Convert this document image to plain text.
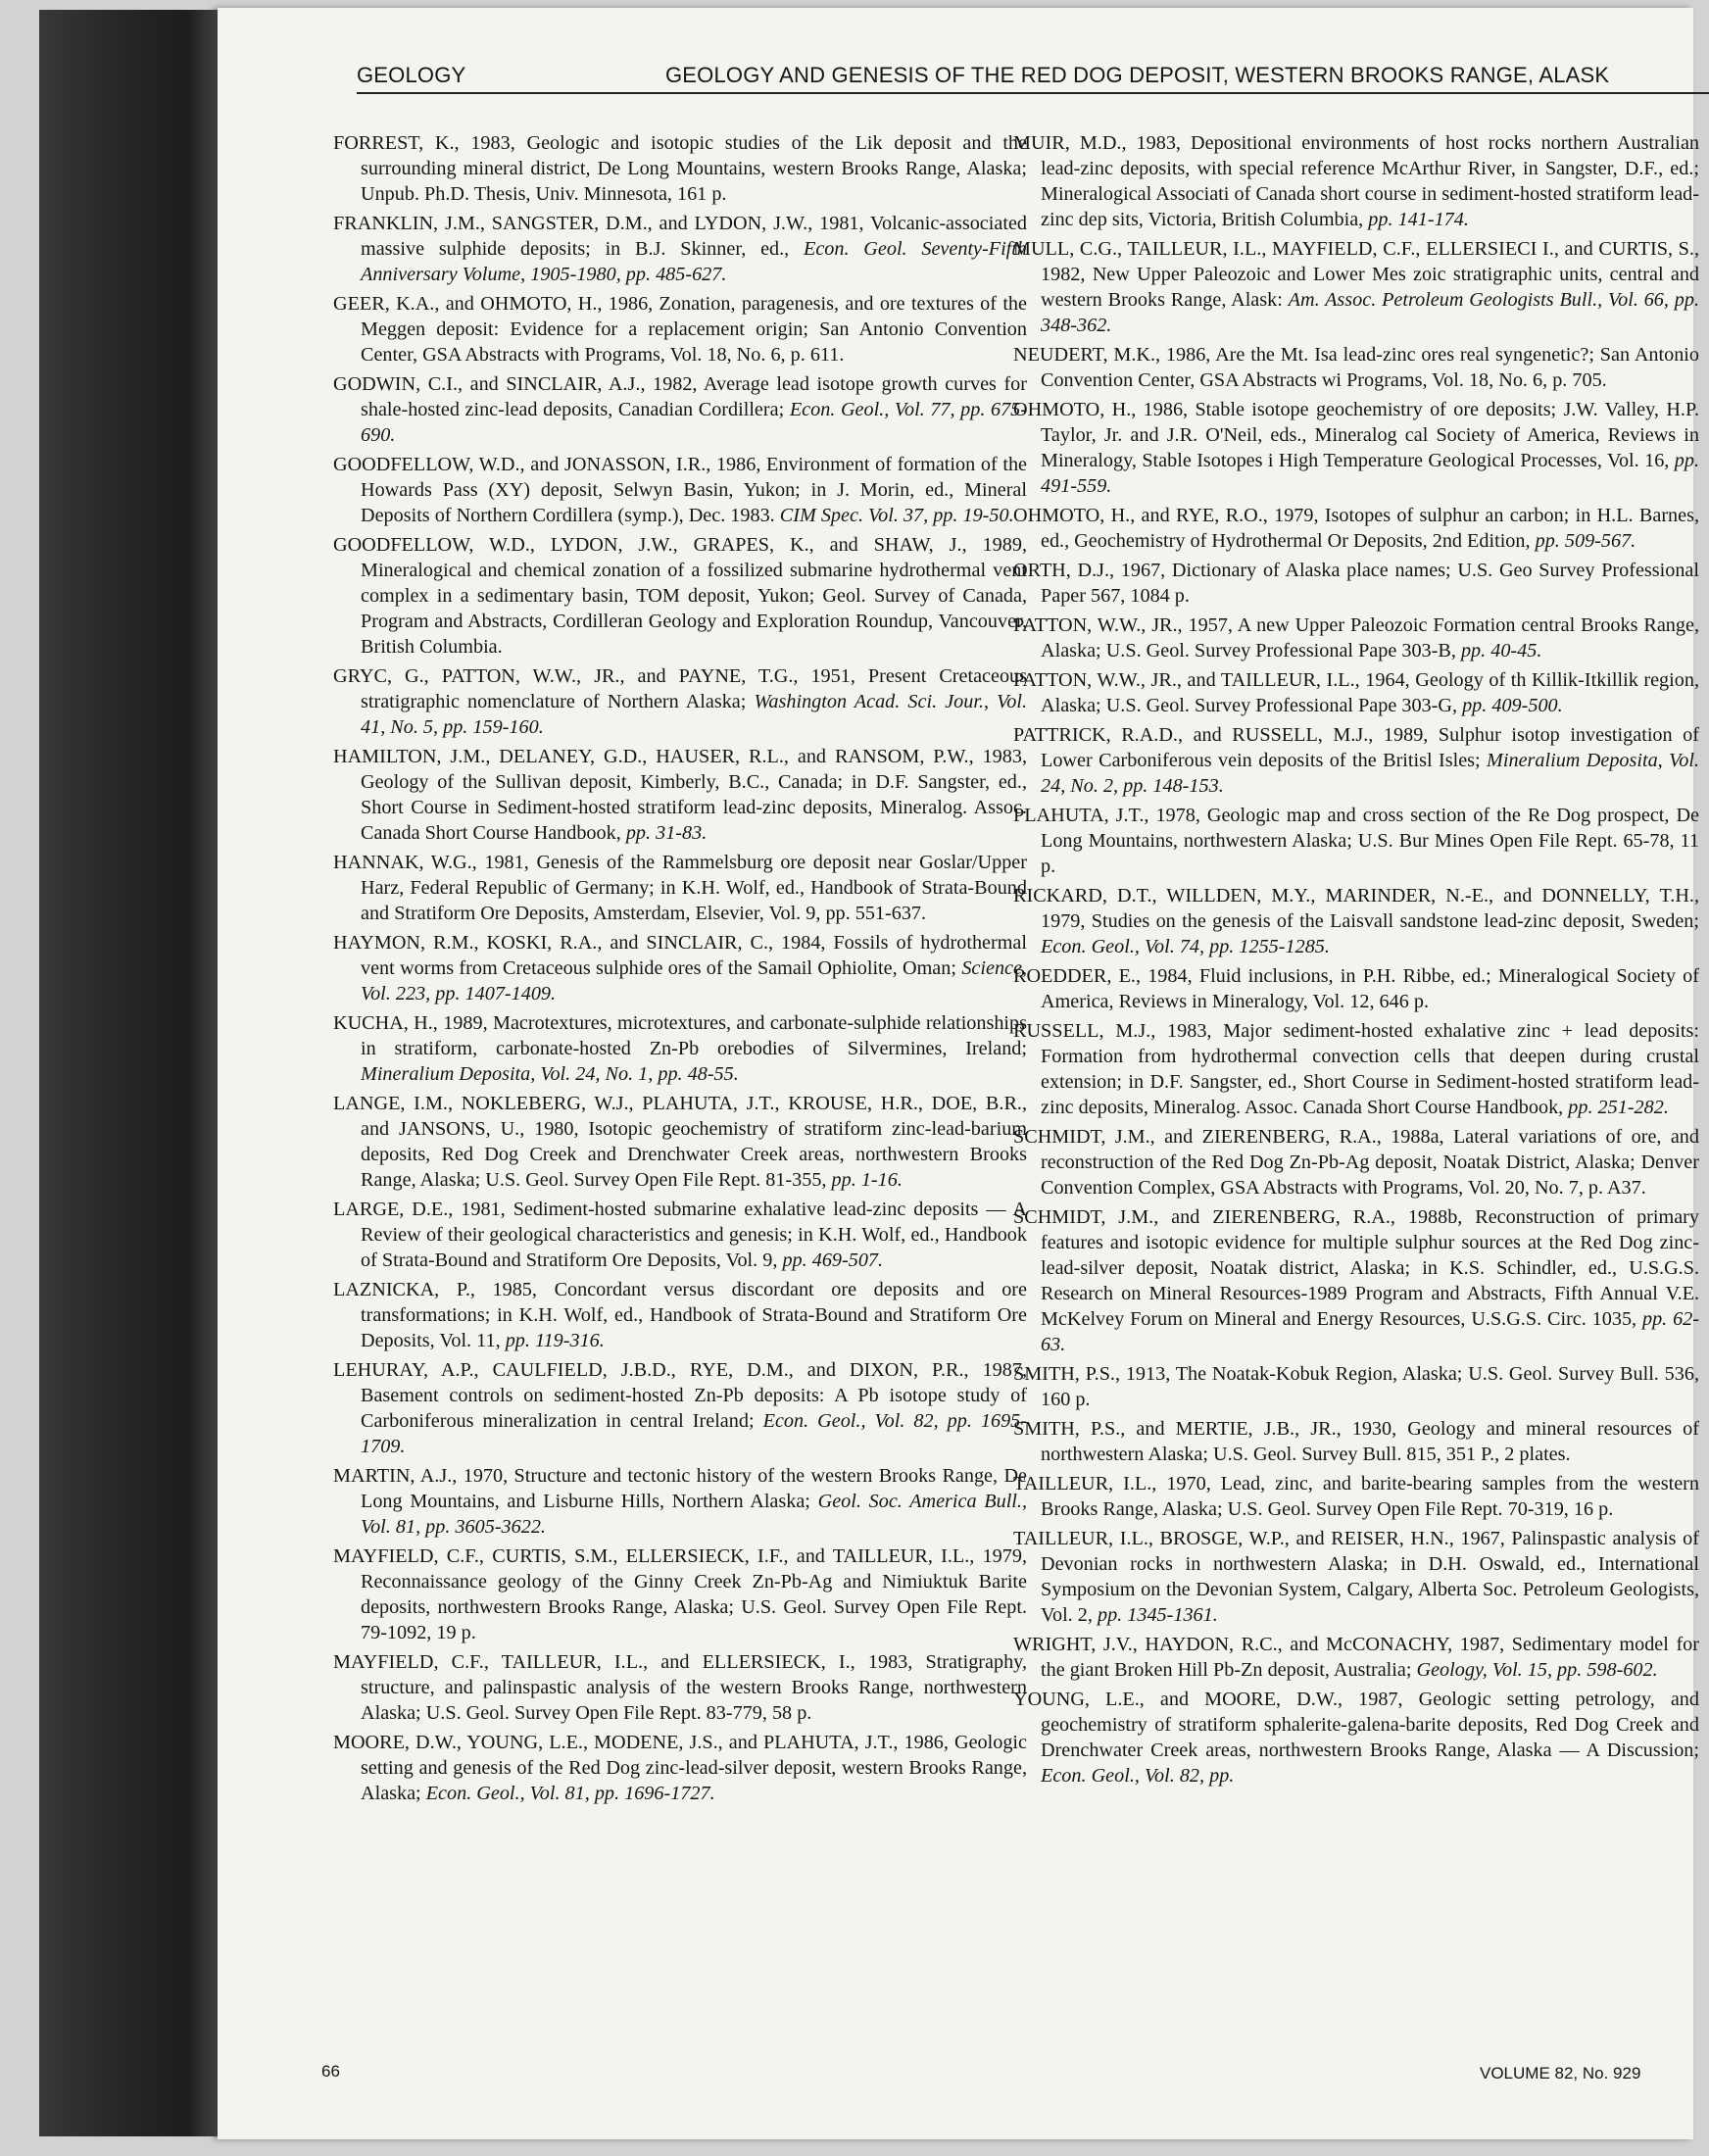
GEOLOGY	GEOLOGY AND GENESIS OF THE RED DOG DEPOSIT, WESTERN BROOKS RANGE, ALASK

FORREST, K., 1983, Geologic and isotopic studies of the Lik deposit and the surrounding mineral district, De Long Mountains, western Brooks Range, Alaska; Unpub. Ph.D. Thesis, Univ. Minnesota, 161 p.

FRANKLIN, J.M., SANGSTER, D.M., and LYDON, J.W., 1981, Volcanic-associated massive sulphide deposits; in B.J. Skinner, ed., Econ. Geol. Seventy-Fifth Anniversary Volume, 1905-1980, pp. 485-627.

GEER, K.A., and OHMOTO, H., 1986, Zonation, paragenesis, and ore textures of the Meggen deposit: Evidence for a replacement origin; San Antonio Convention Center, GSA Abstracts with Programs, Vol. 18, No. 6, p. 611.

GODWIN, C.I., and SINCLAIR, A.J., 1982, Average lead isotope growth curves for shale-hosted zinc-lead deposits, Canadian Cordillera; Econ. Geol., Vol. 77, pp. 675-690.

GOODFELLOW, W.D., and JONASSON, I.R., 1986, Environment of formation of the Howards Pass (XY) deposit, Selwyn Basin, Yukon; in J. Morin, ed., Mineral Deposits of Northern Cordillera (symp.), Dec. 1983. CIM Spec. Vol. 37, pp. 19-50.

GOODFELLOW, W.D., LYDON, J.W., GRAPES, K., and SHAW, J., 1989, Mineralogical and chemical zonation of a fossilized submarine hydrothermal vent complex in a sedimentary basin, TOM deposit, Yukon; Geol. Survey of Canada, Program and Abstracts, Cordilleran Geology and Exploration Roundup, Vancouver, British Columbia.

GRYC, G., PATTON, W.W., JR., and PAYNE, T.G., 1951, Present Cretaceous stratigraphic nomenclature of Northern Alaska; Washington Acad. Sci. Jour., Vol. 41, No. 5, pp. 159-160.

HAMILTON, J.M., DELANEY, G.D., HAUSER, R.L., and RANSOM, P.W., 1983, Geology of the Sullivan deposit, Kimberly, B.C., Canada; in D.F. Sangster, ed., Short Course in Sediment-hosted stratiform lead-zinc deposits, Mineralog. Assoc. Canada Short Course Handbook, pp. 31-83.

HANNAK, W.G., 1981, Genesis of the Rammelsburg ore deposit near Goslar/Upper Harz, Federal Republic of Germany; in K.H. Wolf, ed., Handbook of Strata-Bound and Stratiform Ore Deposits, Amsterdam, Elsevier, Vol. 9, pp. 551-637.

HAYMON, R.M., KOSKI, R.A., and SINCLAIR, C., 1984, Fossils of hydrothermal vent worms from Cretaceous sulphide ores of the Samail Ophiolite, Oman; Science, Vol. 223, pp. 1407-1409.

KUCHA, H., 1989, Macrotextures, microtextures, and carbonate-sulphide relationships in stratiform, carbonate-hosted Zn-Pb orebodies of Silvermines, Ireland; Mineralium Deposita, Vol. 24, No. 1, pp. 48-55.

LANGE, I.M., NOKLEBERG, W.J., PLAHUTA, J.T., KROUSE, H.R., DOE, B.R., and JANSONS, U., 1980, Isotopic geochemistry of stratiform zinc-lead-barium deposits, Red Dog Creek and Drenchwater Creek areas, northwestern Brooks Range, Alaska; U.S. Geol. Survey Open File Rept. 81-355, pp. 1-16.

LARGE, D.E., 1981, Sediment-hosted submarine exhalative lead-zinc deposits — A Review of their geological characteristics and genesis; in K.H. Wolf, ed., Handbook of Strata-Bound and Stratiform Ore Deposits, Vol. 9, pp. 469-507.

LAZNICKA, P., 1985, Concordant versus discordant ore deposits and ore transformations; in K.H. Wolf, ed., Handbook of Strata-Bound and Stratiform Ore Deposits, Vol. 11, pp. 119-316.

LEHURAY, A.P., CAULFIELD, J.B.D., RYE, D.M., and DIXON, P.R., 1987, Basement controls on sediment-hosted Zn-Pb deposits: A Pb isotope study of Carboniferous mineralization in central Ireland; Econ. Geol., Vol. 82, pp. 1695-1709.

MARTIN, A.J., 1970, Structure and tectonic history of the western Brooks Range, De Long Mountains, and Lisburne Hills, Northern Alaska; Geol. Soc. America Bull., Vol. 81, pp. 3605-3622.

MAYFIELD, C.F., CURTIS, S.M., ELLERSIECK, I.F., and TAILLEUR, I.L., 1979, Reconnaissance geology of the Ginny Creek Zn-Pb-Ag and Nimiuktuk Barite deposits, northwestern Brooks Range, Alaska; U.S. Geol. Survey Open File Rept. 79-1092, 19 p.

MAYFIELD, C.F., TAILLEUR, I.L., and ELLERSIECK, I., 1983, Stratigraphy, structure, and palinspastic analysis of the western Brooks Range, northwestern Alaska; U.S. Geol. Survey Open File Rept. 83-779, 58 p.

MOORE, D.W., YOUNG, L.E., MODENE, J.S., and PLAHUTA, J.T., 1986, Geologic setting and genesis of the Red Dog zinc-lead-silver deposit, western Brooks Range, Alaska; Econ. Geol., Vol. 81, pp. 1696-1727.

MUIR, M.D., 1983, Depositional environments of host rocks northern Australian lead-zinc deposits, with special reference McArthur River, in Sangster, D.F., ed.; Mineralogical Associati of Canada short course in sediment-hosted stratiform lead-zinc dep sits, Victoria, British Columbia, pp. 141-174.

MULL, C.G., TAILLEUR, I.L., MAYFIELD, C.F., ELLERSIECI I., and CURTIS, S., 1982, New Upper Paleozoic and Lower Mes zoic stratigraphic units, central and western Brooks Range, Alask: Am. Assoc. Petroleum Geologists Bull., Vol. 66, pp. 348-362.

NEUDERT, M.K., 1986, Are the Mt. Isa lead-zinc ores real syngenetic?; San Antonio Convention Center, GSA Abstracts wi Programs, Vol. 18, No. 6, p. 705.

OHMOTO, H., 1986, Stable isotope geochemistry of ore deposits; J.W. Valley, H.P. Taylor, Jr. and J.R. O'Neil, eds., Mineralog cal Society of America, Reviews in Mineralogy, Stable Isotopes i High Temperature Geological Processes, Vol. 16, pp. 491-559.

OHMOTO, H., and RYE, R.O., 1979, Isotopes of sulphur an carbon; in H.L. Barnes, ed., Geochemistry of Hydrothermal Or Deposits, 2nd Edition, pp. 509-567.

ORTH, D.J., 1967, Dictionary of Alaska place names; U.S. Geo Survey Professional Paper 567, 1084 p.

PATTON, W.W., JR., 1957, A new Upper Paleozoic Formation central Brooks Range, Alaska; U.S. Geol. Survey Professional Pape 303-B, pp. 40-45.

PATTON, W.W., JR., and TAILLEUR, I.L., 1964, Geology of th Killik-Itkillik region, Alaska; U.S. Geol. Survey Professional Pape 303-G, pp. 409-500.

PATTRICK, R.A.D., and RUSSELL, M.J., 1989, Sulphur isotop investigation of Lower Carboniferous vein deposits of the Britisl Isles; Mineralium Deposita, Vol. 24, No. 2, pp. 148-153.

PLAHUTA, J.T., 1978, Geologic map and cross section of the Re Dog prospect, De Long Mountains, northwestern Alaska; U.S. Bur Mines Open File Rept. 65-78, 11 p.

RICKARD, D.T., WILLDEN, M.Y., MARINDER, N.-E., and DONNELLY, T.H., 1979, Studies on the genesis of the Laisvall sandstone lead-zinc deposit, Sweden; Econ. Geol., Vol. 74, pp. 1255-1285.

ROEDDER, E., 1984, Fluid inclusions, in P.H. Ribbe, ed.; Mineralogical Society of America, Reviews in Mineralogy, Vol. 12, 646 p.

RUSSELL, M.J., 1983, Major sediment-hosted exhalative zinc + lead deposits: Formation from hydrothermal convection cells that deepen during crustal extension; in D.F. Sangster, ed., Short Course in Sediment-hosted stratiform lead-zinc deposits, Mineralog. Assoc. Canada Short Course Handbook, pp. 251-282.

SCHMIDT, J.M., and ZIERENBERG, R.A., 1988a, Lateral variations of ore, and reconstruction of the Red Dog Zn-Pb-Ag deposit, Noatak District, Alaska; Denver Convention Complex, GSA Abstracts with Programs, Vol. 20, No. 7, p. A37.

SCHMIDT, J.M., and ZIERENBERG, R.A., 1988b, Reconstruction of primary features and isotopic evidence for multiple sulphur sources at the Red Dog zinc-lead-silver deposit, Noatak district, Alaska; in K.S. Schindler, ed., U.S.G.S. Research on Mineral Resources-1989 Program and Abstracts, Fifth Annual V.E. McKelvey Forum on Mineral and Energy Resources, U.S.G.S. Circ. 1035, pp. 62-63.

SMITH, P.S., 1913, The Noatak-Kobuk Region, Alaska; U.S. Geol. Survey Bull. 536, 160 p.

SMITH, P.S., and MERTIE, J.B., JR., 1930, Geology and mineral resources of northwestern Alaska; U.S. Geol. Survey Bull. 815, 351 P., 2 plates.

TAILLEUR, I.L., 1970, Lead, zinc, and barite-bearing samples from the western Brooks Range, Alaska; U.S. Geol. Survey Open File Rept. 70-319, 16 p.

TAILLEUR, I.L., BROSGE, W.P., and REISER, H.N., 1967, Palinspastic analysis of Devonian rocks in northwestern Alaska; in D.H. Oswald, ed., International Symposium on the Devonian System, Calgary, Alberta Soc. Petroleum Geologists, Vol. 2, pp. 1345-1361.

WRIGHT, J.V., HAYDON, R.C., and McCONACHY, 1987, Sedimentary model for the giant Broken Hill Pb-Zn deposit, Australia; Geology, Vol. 15, pp. 598-602.

YOUNG, L.E., and MOORE, D.W., 1987, Geologic setting petrology, and geochemistry of stratiform sphalerite-galena-barite deposits, Red Dog Creek and Drenchwater Creek areas, northwestern Brooks Range, Alaska — A Discussion; Econ. Geol., Vol. 82, pp.

66	VOLUME 82, No. 929
